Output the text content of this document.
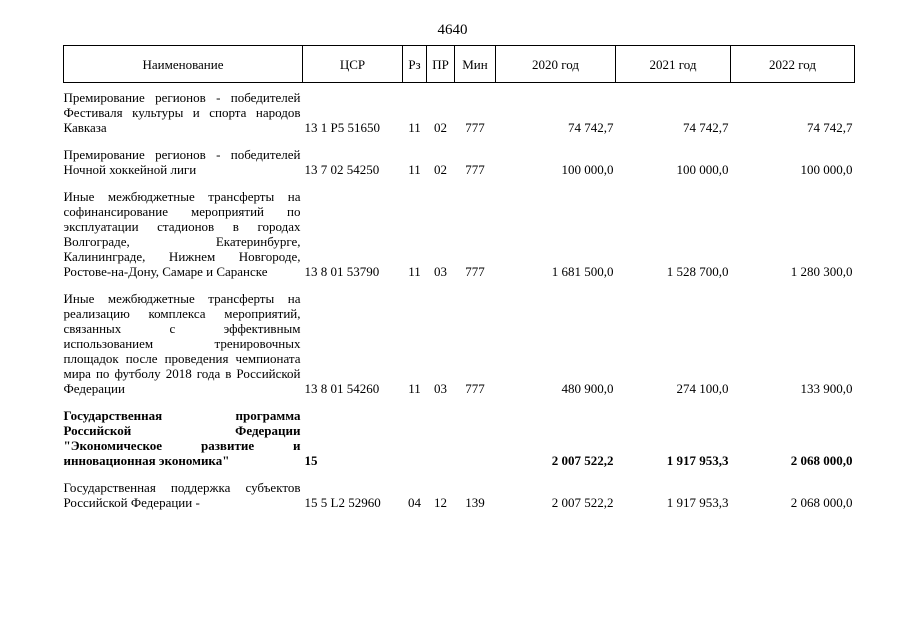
4640
Наименование	ЦСР	Рз	ПР	Мин	2020 год	2021 год	2022 год
Премирование регионов - победителей Фестиваля культуры и спорта народов Кавказа	13 1 P5 51650	11	02	777	74 742,7	74 742,7	74 742,7

Премирование регионов - победителей Ночной хоккейной лиги	13 7 02 54250	11	02	777	100 000,0	100 000,0	100 000,0

Иные межбюджетные трансферты на софинансирование мероприятий по эксплуатации стадионов в городах Волгограде, Екатеринбурге, Калининграде, Нижнем Новгороде, Ростове-на-Дону, Самаре и Саранске	13 8 01 53790	11	03	777	1 681 500,0	1 528 700,0	1 280 300,0

Иные межбюджетные трансферты на реализацию комплекса мероприятий, связанных с эффективным использованием тренировочных площадок после проведения чемпионата мира по футболу 2018 года в Российской Федерации	13 8 01 54260	11	03	777	480 900,0	274 100,0	133 900,0

Государственная программа Российской Федерации "Экономическое развитие и инновационная экономика"	15				2 007 522,2	1 917 953,3	2 068 000,0

Государственная поддержка субъектов Российской Федерации -	15 5 L2 52960	04	12	139	2 007 522,2	1 917 953,3	2 068 000,0
